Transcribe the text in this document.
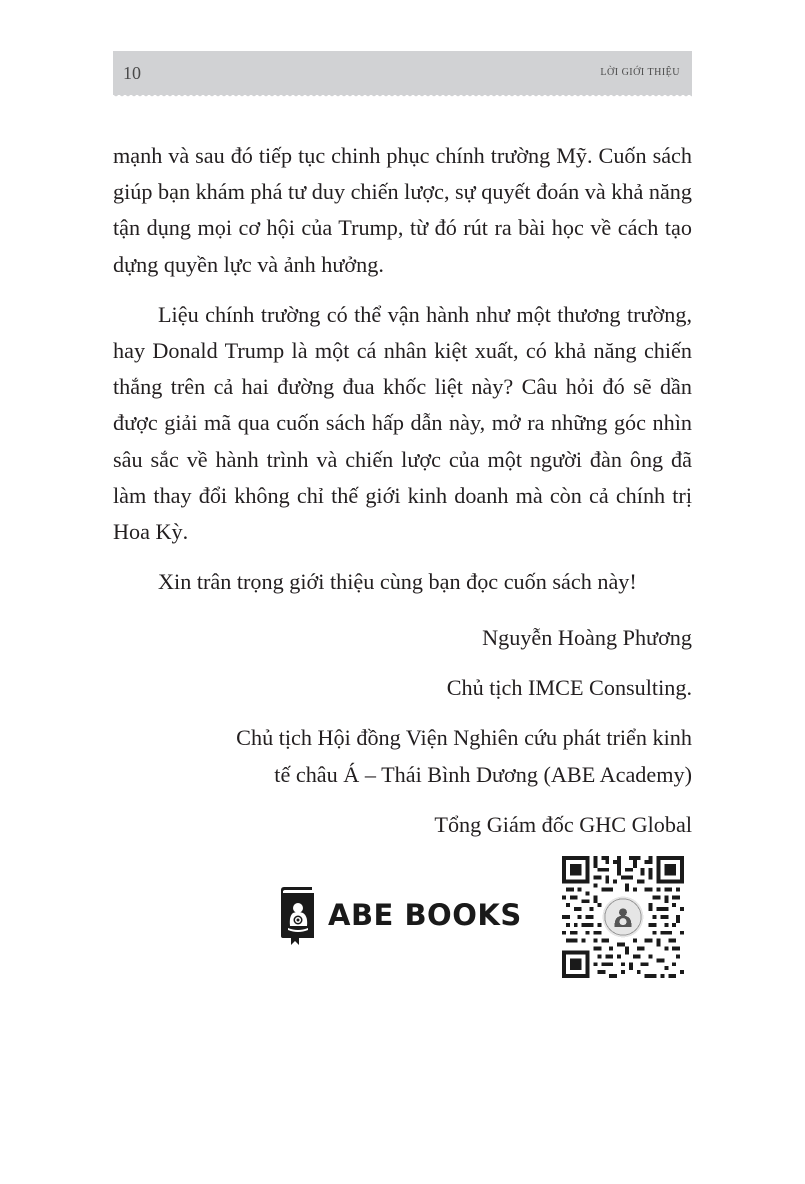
10	LỜI GIỚI THIỆU

mạnh và sau đó tiếp tục chinh phục chính trường Mỹ. Cuốn sách giúp bạn khám phá tư duy chiến lược, sự quyết đoán và khả năng tận dụng mọi cơ hội của Trump, từ đó rút ra bài học về cách tạo dựng quyền lực và ảnh hưởng.

Liệu chính trường có thể vận hành như một thương trường, hay Donald Trump là một cá nhân kiệt xuất, có khả năng chiến thắng trên cả hai đường đua khốc liệt này? Câu hỏi đó sẽ dần được giải mã qua cuốn sách hấp dẫn này, mở ra những góc nhìn sâu sắc về hành trình và chiến lược của một người đàn ông đã làm thay đổi không chỉ thế giới kinh doanh mà còn cả chính trị Hoa Kỳ.

Xin trân trọng giới thiệu cùng bạn đọc cuốn sách này!

Nguyễn Hoàng Phương
Chủ tịch IMCE Consulting.
Chủ tịch Hội đồng Viện Nghiên cứu phát triển kinh
tế châu Á – Thái Bình Dương (ABE Academy)
Tổng Giám đốc GHC Global
ABE BOOKS
